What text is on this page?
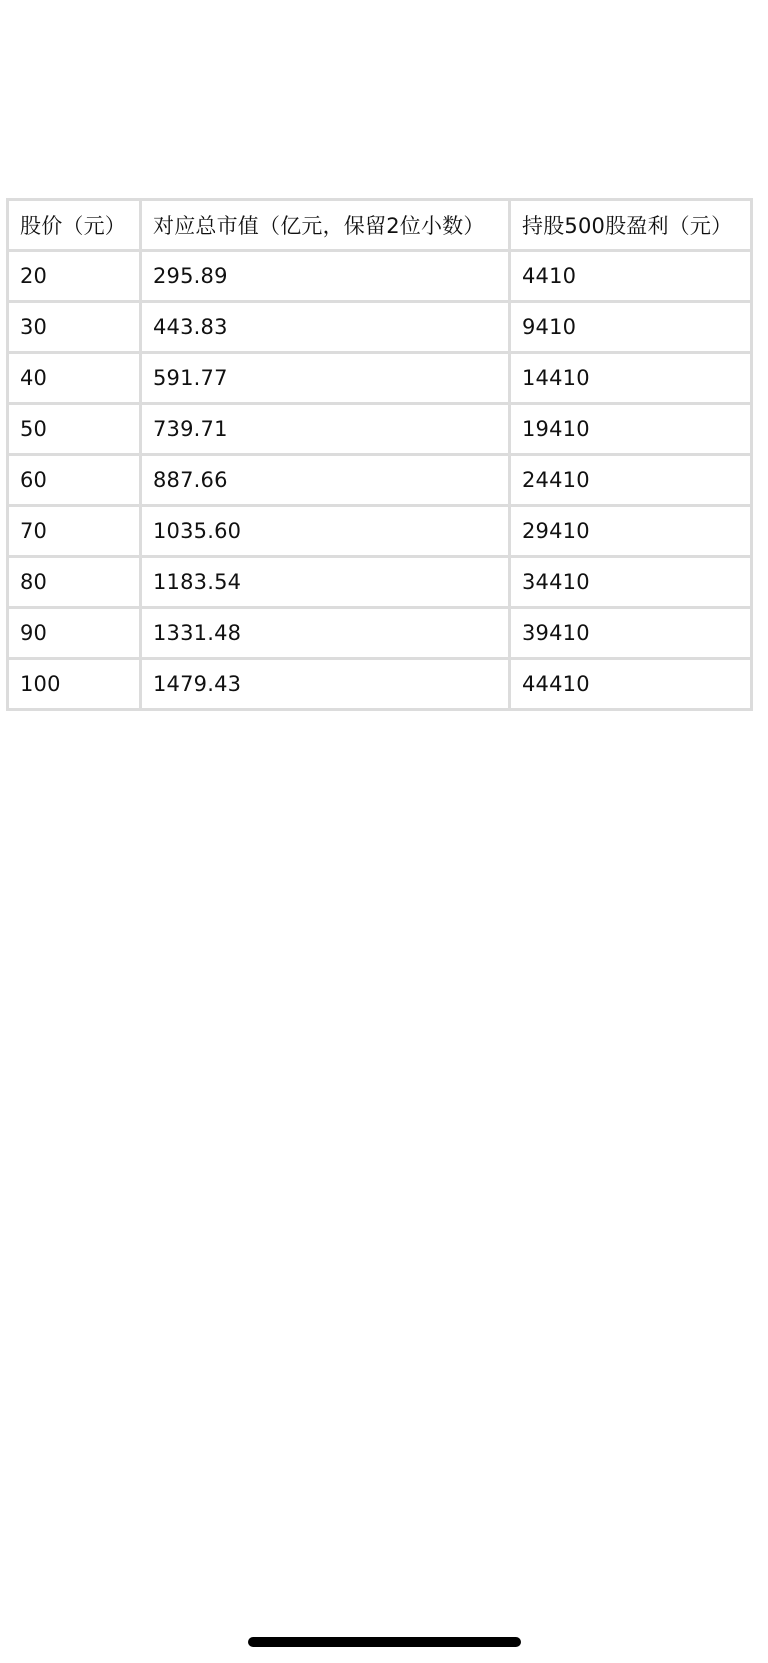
股价（元）	对应总市值（亿元，保留2位小数）	持股500股盈利（元）
20	295.89	4410
30	443.83	9410
40	591.77	14410
50	739.71	19410
60	887.66	24410
70	1035.60	29410
80	1183.54	34410
90	1331.48	39410
100	1479.43	44410
